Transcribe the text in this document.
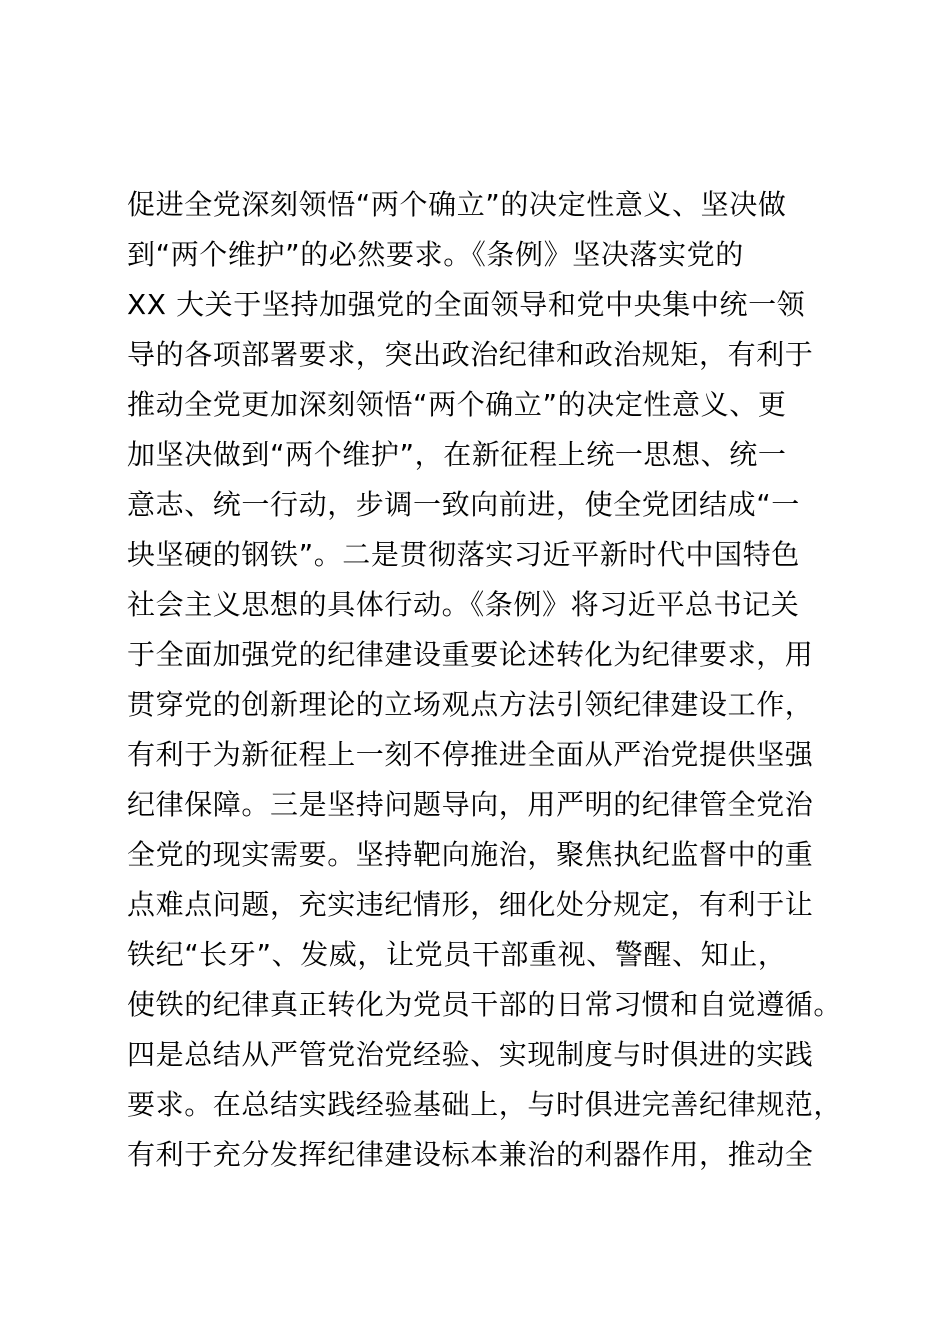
促进全党深刻领悟“两个确立”的决定性意义、坚决做
到“两个维护”的必然要求。《条例》坚决落实党的
XX 大关于坚持加强党的全面领导和党中央集中统一领
导的各项部署要求，突出政治纪律和政治规矩，有利于
推动全党更加深刻领悟“两个确立”的决定性意义、更
加坚决做到“两个维护”，在新征程上统一思想、统一
意志、统一行动，步调一致向前进，使全党团结成“一
块坚硬的钢铁”。二是贯彻落实习近平新时代中国特色
社会主义思想的具体行动。《条例》将习近平总书记关
于全面加强党的纪律建设重要论述转化为纪律要求，用
贯穿党的创新理论的立场观点方法引领纪律建设工作，
有利于为新征程上一刻不停推进全面从严治党提供坚强
纪律保障。三是坚持问题导向，用严明的纪律管全党治
全党的现实需要。坚持靶向施治，聚焦执纪监督中的重
点难点问题，充实违纪情形，细化处分规定，有利于让
铁纪“长牙”、发威，让党员干部重视、警醒、知止，
使铁的纪律真正转化为党员干部的日常习惯和自觉遵循。
四是总结从严管党治党经验、实现制度与时俱进的实践
要求。在总结实践经验基础上，与时俱进完善纪律规范，
有利于充分发挥纪律建设标本兼治的利器作用，推动全
